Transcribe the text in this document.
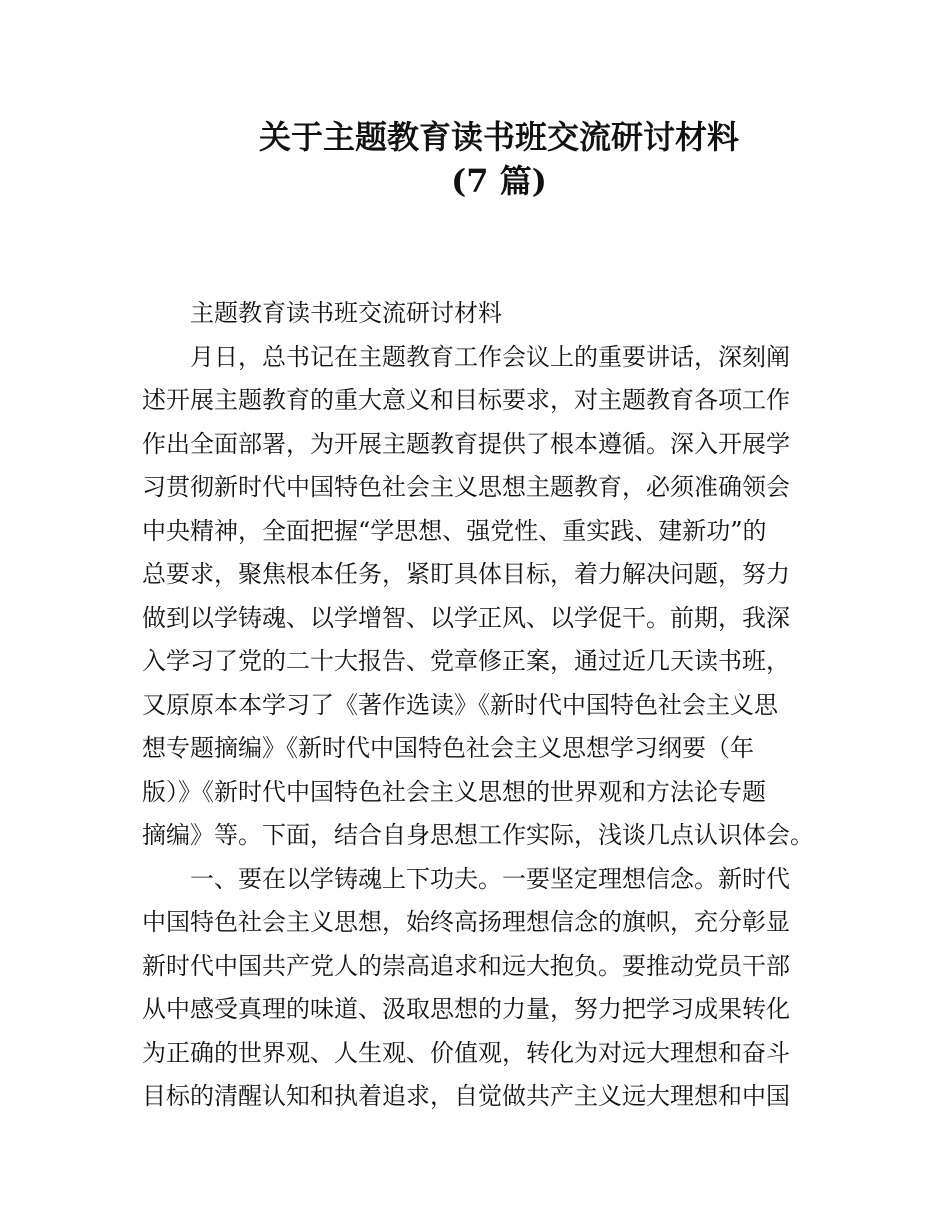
关于主题教育读书班交流研讨材料
(7 篇)
主题教育读书班交流研讨材料
月日，总书记在主题教育工作会议上的重要讲话，深刻阐
述开展主题教育的重大意义和目标要求，对主题教育各项工作
作出全面部署，为开展主题教育提供了根本遵循。深入开展学
习贯彻新时代中国特色社会主义思想主题教育，必须准确领会
中央精神，全面把握“学思想、强党性、重实践、建新功”的
总要求，聚焦根本任务，紧盯具体目标，着力解决问题，努力
做到以学铸魂、以学增智、以学正风、以学促干。前期，我深
入学习了党的二十大报告、党章修正案，通过近几天读书班，
又原原本本学习了《著作选读》《新时代中国特色社会主义思
想专题摘编》《新时代中国特色社会主义思想学习纲要（年
版）》《新时代中国特色社会主义思想的世界观和方法论专题
摘编》等。下面，结合自身思想工作实际，浅谈几点认识体会。
一、要在以学铸魂上下功夫。一要坚定理想信念。新时代
中国特色社会主义思想，始终高扬理想信念的旗帜，充分彰显
新时代中国共产党人的崇高追求和远大抱负。要推动党员干部
从中感受真理的味道、汲取思想的力量，努力把学习成果转化
为正确的世界观、人生观、价值观，转化为对远大理想和奋斗
目标的清醒认知和执着追求，自觉做共产主义远大理想和中国
